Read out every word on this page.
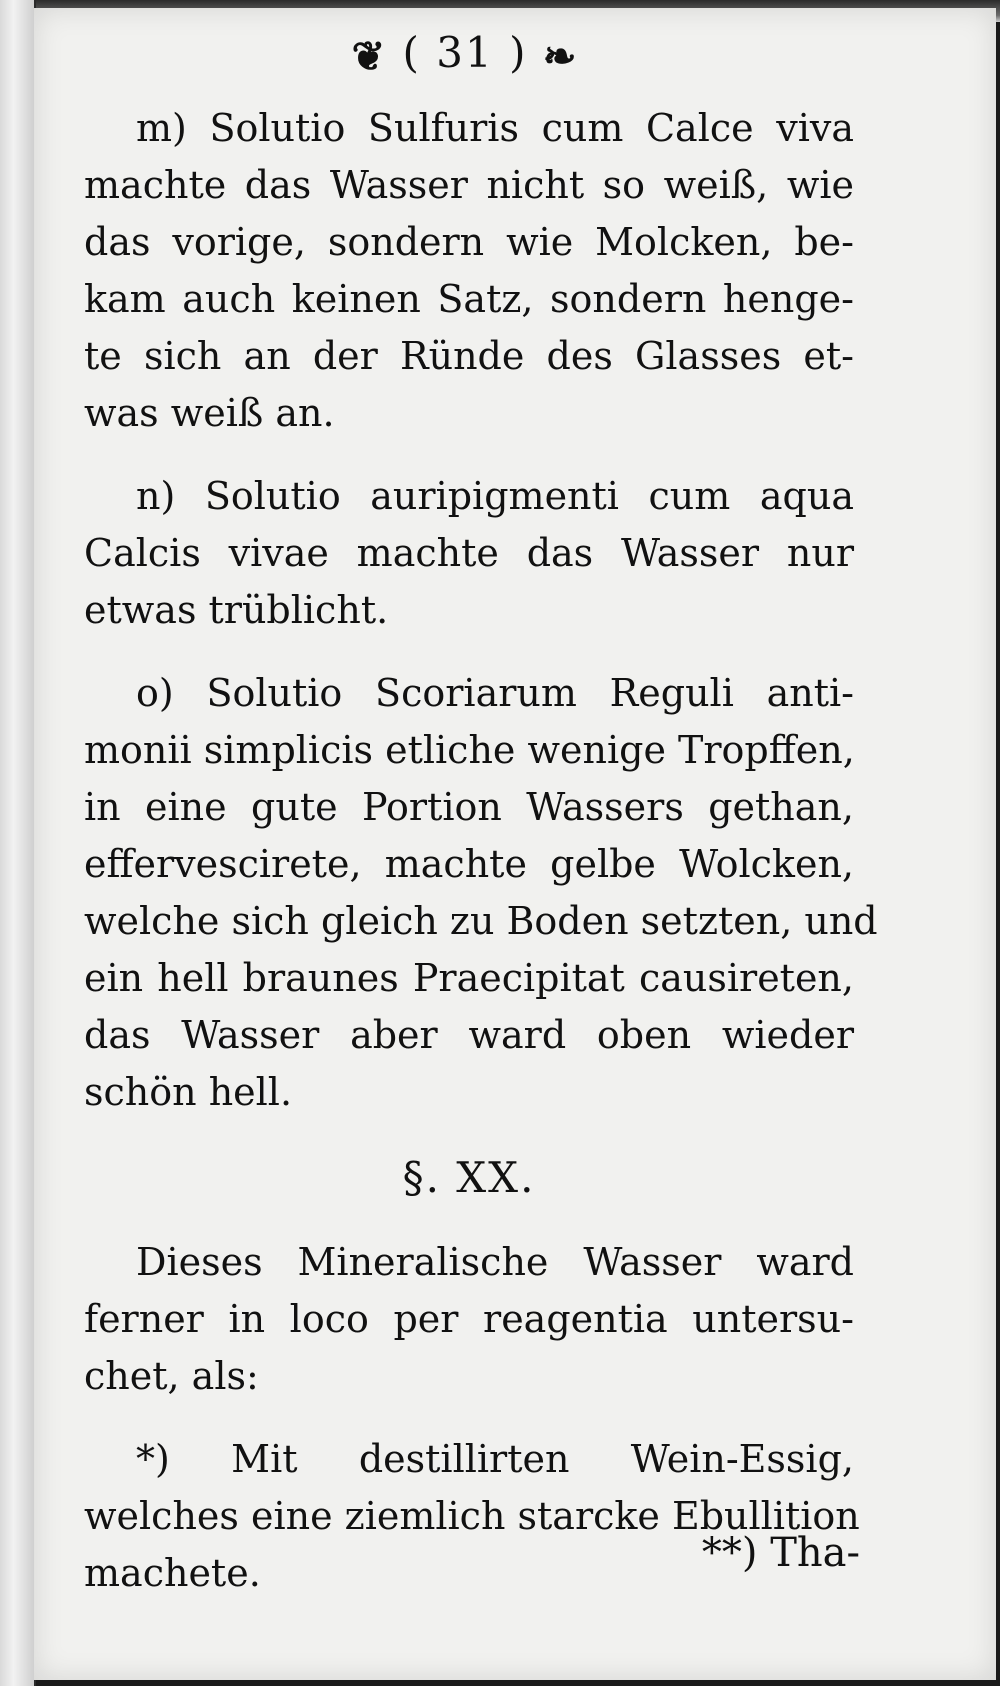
❦ ( 31 ) ❧
m) Solutio Sulfuris cum Calce viva
machte das Wasser nicht so weiß, wie
das vorige, sondern wie Molcken, be-
kam auch keinen Satz, sondern henge-
te sich an der Ründe des Glasses et-
was weiß an.
n) Solutio auripigmenti cum aqua
Calcis vivae machte das Wasser nur
etwas trüblicht.
o) Solutio Scoriarum Reguli anti-
monii simplicis etliche wenige Tropffen,
in eine gute Portion Wassers gethan,
effervescirete, machte gelbe Wolcken,
welche sich gleich zu Boden setzten, und
ein hell braunes Praecipitat causireten,
das Wasser aber ward oben wieder
schön hell.
§. XX.
Dieses Mineralische Wasser ward
ferner in loco per reagentia untersu-
chet, als:
*) Mit destillirten Wein-Essig,
welches eine ziemlich starcke Ebullition
machete.	**) Tha-
